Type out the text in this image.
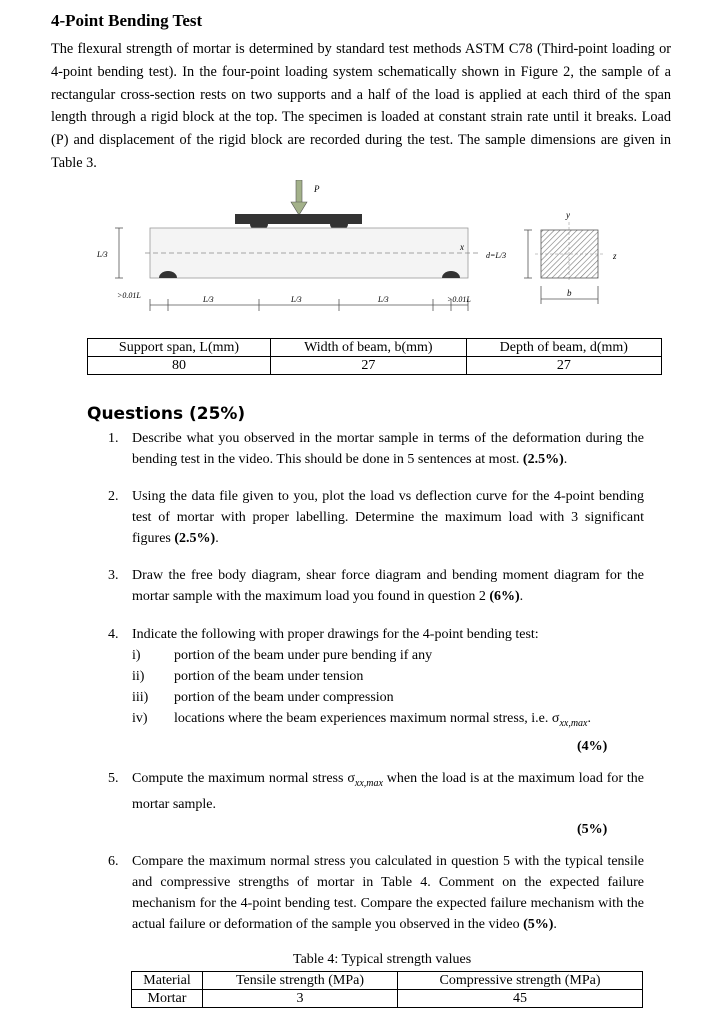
4-Point Bending Test
The flexural strength of mortar is determined by standard test methods ASTM C78 (Third-point loading or 4-point bending test). In the four-point loading system schematically shown in Figure 2, the sample of a rectangular cross-section rests on two supports and a half of the load is applied at each third of the span length through a rigid block at the top. The specimen is loaded at constant strain rate until it breaks. Load (P) and displacement of the rigid block are recorded during the test. The sample dimensions are given in Table 3.
P
x
L/3
y
z
d=L/3
b
>0.01L	L/3	L/3	L/3	>0.01L
Support span, L(mm)	Width of beam, b(mm)	Depth of beam, d(mm)
80	27	27
Questions (25%)
1. Describe what you observed in the mortar sample in terms of the deformation during the bending test in the video. This should be done in 5 sentences at most. (2.5%).
2. Using the data file given to you, plot the load vs deflection curve for the 4-point bending test of mortar with proper labelling. Determine the maximum load with 3 significant figures (2.5%).
3. Draw the free body diagram, shear force diagram and bending moment diagram for the mortar sample with the maximum load you found in question 2 (6%).
4. Indicate the following with proper drawings for the 4-point bending test:
i)	portion of the beam under pure bending if any
ii)	portion of the beam under tension
iii)	portion of the beam under compression
iv)	locations where the beam experiences maximum normal stress, i.e. $\sigma_{xx,max}$.
(4%)
5. Compute the maximum normal stress $\sigma_{xx,max}$ when the load is at the maximum load for the mortar sample.
(5%)
6. Compare the maximum normal stress you calculated in question 5 with the typical tensile and compressive strengths of mortar in Table 4. Comment on the expected failure mechanism for the 4-point bending test. Compare the expected failure mechanism with the actual failure or deformation of the sample you observed in the video (5%).
Table 4: Typical strength values
Material	Tensile strength (MPa)	Compressive strength (MPa)
Mortar	3	45
